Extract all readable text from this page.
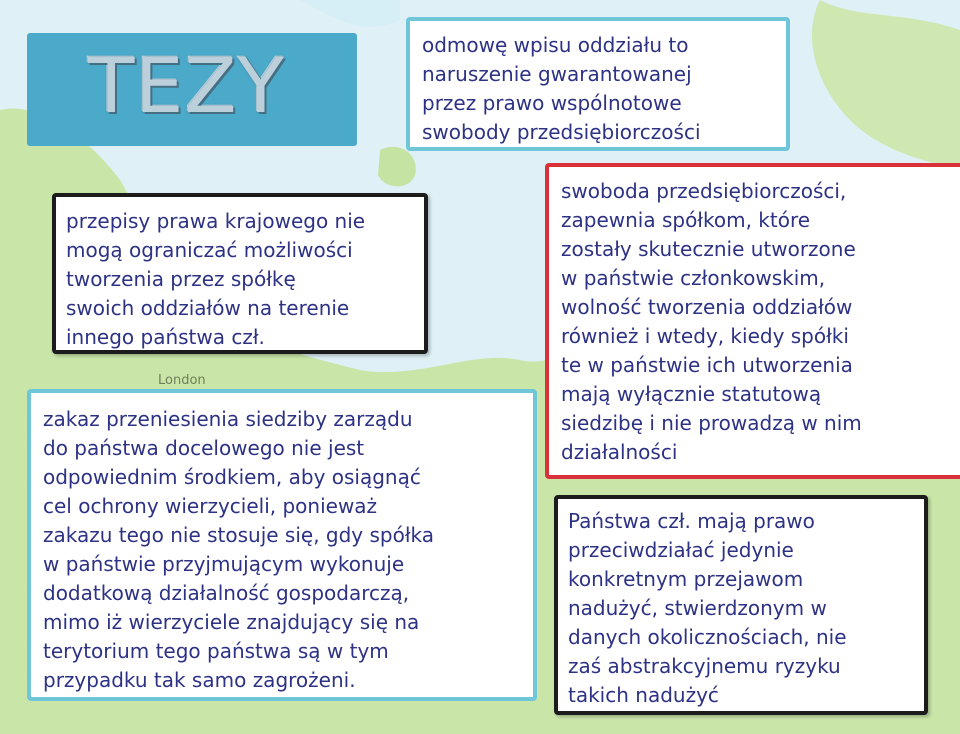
London
TEZY	odmowę wpisu oddziału to
naruszenie gwarantowanej
przez prawo wspólnotowe
swobody przedsiębiorczości
przepisy prawa krajowego nie
mogą ograniczać możliwości
tworzenia przez spółkę
swoich oddziałów na terenie
innego państwa czł.
zakaz przeniesienia siedziby zarządu
do państwa docelowego nie jest
odpowiednim środkiem, aby osiągnąć
cel ochrony wierzycieli, ponieważ
zakazu tego nie stosuje się, gdy spółka
w państwie przyjmującym wykonuje
dodatkową działalność gospodarczą,
mimo iż wierzyciele znajdujący się na
terytorium tego państwa są w tym
przypadku tak samo zagrożeni.
swoboda przedsiębiorczości,
zapewnia spółkom, które
zostały skutecznie utworzone
w państwie członkowskim,
wolność tworzenia oddziałów
również i wtedy, kiedy spółki
te w państwie ich utworzenia
mają wyłącznie statutową
siedzibę i nie prowadzą w nim
działalności
Państwa czł. mają prawo
przeciwdziałać jedynie
konkretnym przejawom
nadużyć, stwierdzonym w
danych okolicznościach, nie
zaś abstrakcyjnemu ryzyku
takich nadużyć
